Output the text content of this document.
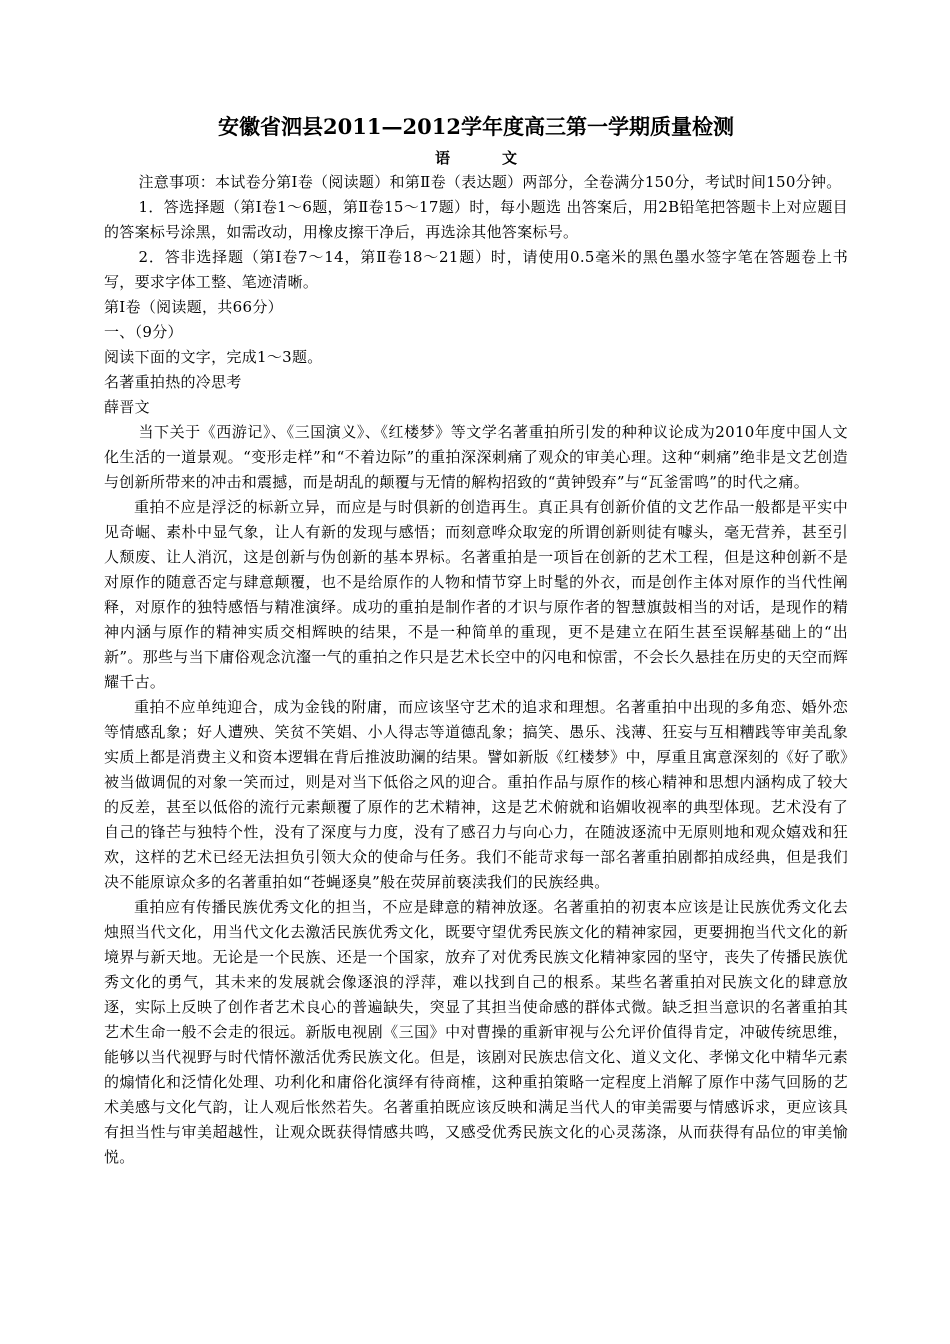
安徽省泗县2011—2012学年度高三第一学期质量检测
语	文

注意事项：本试卷分第Ⅰ卷（阅读题）和第Ⅱ卷（表达题）两部分，全卷满分150分，考试时间150分钟。

1．答选择题（第Ⅰ卷1～6题，第Ⅱ卷15～17题）时，每小题选 出答案后，用2B铅笔把答题卡上对应题目的答案标号涂黑，如需改动，用橡皮擦干净后，再选涂其他答案标号。

2．答非选择题（第Ⅰ卷7～14，第Ⅱ卷18～21题）时，请使用0.5毫米的黑色墨水签字笔在答题卷上书写，要求字体工整、笔迹清晰。

第Ⅰ卷（阅读题，共66分）

一、（9分）

阅读下面的文字，完成1～3题。

名著重拍热的冷思考

薛晋文

当下关于《西游记》、《三国演义》、《红楼梦》等文学名著重拍所引发的种种议论成为2010年度中国人文化生活的一道景观。“变形走样”和“不着边际”的重拍深深刺痛了观众的审美心理。这种“刺痛”绝非是文艺创造与创新所带来的冲击和震撼，而是胡乱的颠覆与无情的解构招致的“黄钟毁弃”与“瓦釜雷鸣”的时代之痛。

重拍不应是浮泛的标新立异，而应是与时俱新的创造再生。真正具有创新价值的文艺作品一般都是平实中见奇崛、素朴中显气象，让人有新的发现与感悟；而刻意哗众取宠的所谓创新则徒有噱头，毫无营养，甚至引人颓废、让人消沉，这是创新与伪创新的基本界标。名著重拍是一项旨在创新的艺术工程，但是这种创新不是对原作的随意否定与肆意颠覆，也不是给原作的人物和情节穿上时髦的外衣，而是创作主体对原作的当代性阐释，对原作的独特感悟与精准演绎。成功的重拍是制作者的才识与原作者的智慧旗鼓相当的对话，是现作的精神内涵与原作的精神实质交相辉映的结果，不是一种简单的重现，更不是建立在陌生甚至误解基础上的“出新”。那些与当下庸俗观念沆瀣一气的重拍之作只是艺术长空中的闪电和惊雷，不会长久悬挂在历史的天空而辉耀千古。

重拍不应单纯迎合，成为金钱的附庸，而应该坚守艺术的追求和理想。名著重拍中出现的多角恋、婚外恋等情感乱象；好人遭殃、笑贫不笑娼、小人得志等道德乱象；搞笑、愚乐、浅薄、狂妄与互相糟践等审美乱象实质上都是消费主义和资本逻辑在背后推波助澜的结果。譬如新版《红楼梦》中，厚重且寓意深刻的《好了歌》被当做调侃的对象一笑而过，则是对当下低俗之风的迎合。重拍作品与原作的核心精神和思想内涵构成了较大的反差，甚至以低俗的流行元素颠覆了原作的艺术精神，这是艺术俯就和谄媚收视率的典型体现。艺术没有了自己的锋芒与独特个性，没有了深度与力度，没有了感召力与向心力，在随波逐流中无原则地和观众嬉戏和狂欢，这样的艺术已经无法担负引领大众的使命与任务。我们不能苛求每一部名著重拍剧都拍成经典，但是我们决不能原谅众多的名著重拍如“苍蝇逐臭”般在荧屏前亵渎我们的民族经典。

重拍应有传播民族优秀文化的担当，不应是肆意的精神放逐。名著重拍的初衷本应该是让民族优秀文化去烛照当代文化，用当代文化去激活民族优秀文化，既要守望优秀民族文化的精神家园，更要拥抱当代文化的新境界与新天地。无论是一个民族、还是一个国家，放弃了对优秀民族文化精神家园的坚守，丧失了传播民族优秀文化的勇气，其未来的发展就会像逐浪的浮萍，难以找到自己的根系。某些名著重拍对民族文化的肆意放逐，实际上反映了创作者艺术良心的普遍缺失，突显了其担当使命感的群体式微。缺乏担当意识的名著重拍其艺术生命一般不会走的很远。新版电视剧《三国》中对曹操的重新审视与公允评价值得肯定，冲破传统思维，能够以当代视野与时代情怀激活优秀民族文化。但是，该剧对民族忠信文化、道义文化、孝悌文化中精华元素的煽情化和泛情化处理、功利化和庸俗化演绎有待商榷，这种重拍策略一定程度上消解了原作中荡气回肠的艺术美感与文化气韵，让人观后怅然若失。名著重拍既应该反映和满足当代人的审美需要与情感诉求，更应该具有担当性与审美超越性，让观众既获得情感共鸣，又感受优秀民族文化的心灵荡涤，从而获得有品位的审美愉悦。
